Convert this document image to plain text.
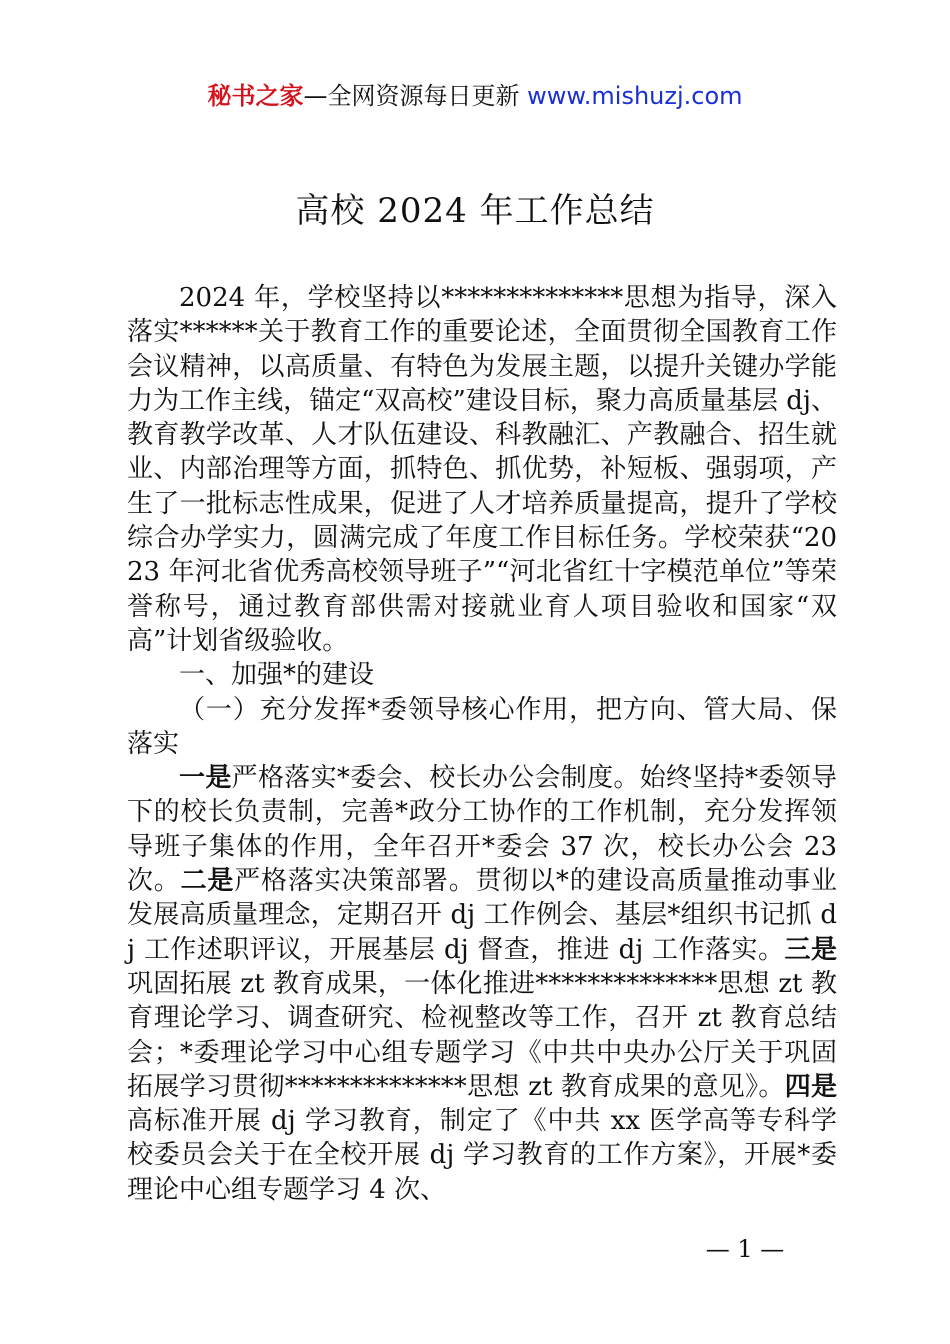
秘书之家—全网资源每日更新 www.mishuzj.com
高校 2024 年工作总结

2024 年，学校坚持以**************思想为指导，深入落实******关于教育工作的重要论述，全面贯彻全国教育工作会议精神，以高质量、有特色为发展主题，以提升关键办学能力为工作主线，锚定“双高校”建设目标，聚力高质量基层 dj、教育教学改革、人才队伍建设、科教融汇、产教融合、招生就业、内部治理等方面，抓特色、抓优势，补短板、强弱项，产生了一批标志性成果，促进了人才培养质量提高，提升了学校综合办学实力，圆满完成了年度工作目标任务。学校荣获“2023 年河北省优秀高校领导班子”“河北省红十字模范单位”等荣誉称号，通过教育部供需对接就业育人项目验收和国家“双高”计划省级验收。

一、加强*的建设

（一）充分发挥*委领导核心作用，把方向、管大局、保落实

一是严格落实*委会、校长办公会制度。始终坚持*委领导下的校长负责制，完善*政分工协作的工作机制，充分发挥领导班子集体的作用，全年召开*委会 37 次，校长办公会 23 次。二是严格落实决策部署。贯彻以*的建设高质量推动事业发展高质量理念，定期召开 dj 工作例会、基层*组织书记抓 dj 工作述职评议，开展基层 dj 督查，推进 dj 工作落实。三是巩固拓展 zt 教育成果，一体化推进**************思想 zt 教育理论学习、调查研究、检视整改等工作，召开 zt 教育总结会；*委理论学习中心组专题学习《中共中央办公厅关于巩固拓展学习贯彻**************思想 zt 教育成果的意见》。四是高标准开展 dj 学习教育，制定了《中共 xx 医学高等专科学校委员会关于在全校开展 dj 学习教育的工作方案》，开展*委理论中心组专题学习 4 次、

— 1 —
